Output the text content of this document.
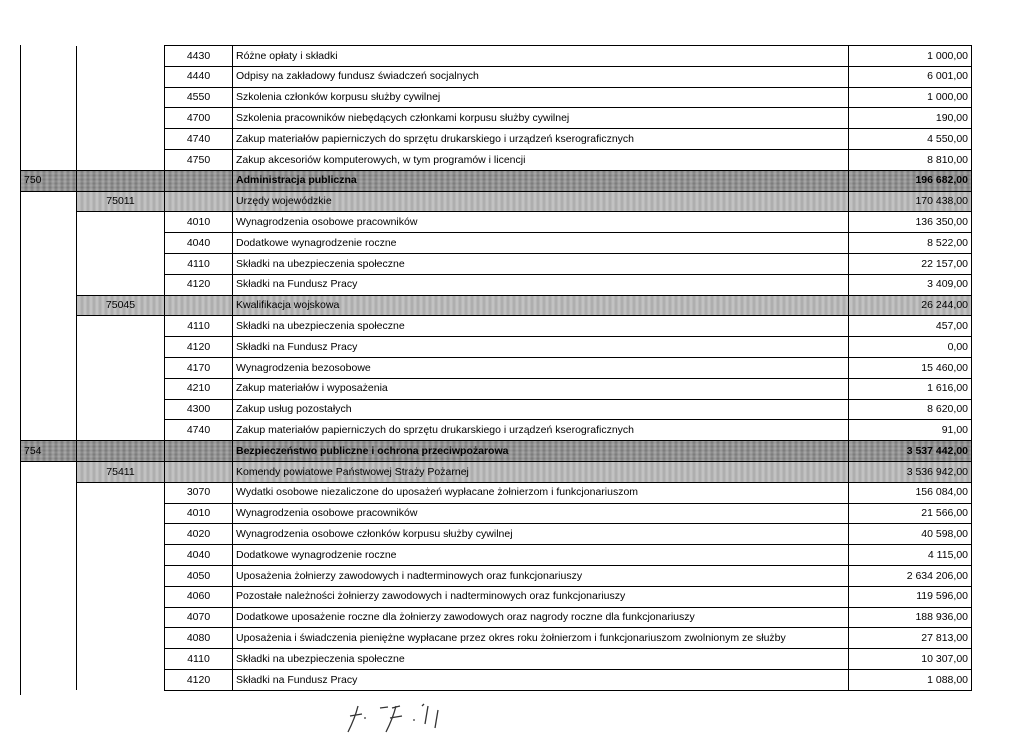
		4430	Różne opłaty i składki	1 000,00
		4440	Odpisy na zakładowy fundusz świadczeń socjalnych	6 001,00
		4550	Szkolenia członków korpusu służby cywilnej	1 000,00
		4700	Szkolenia pracowników niebędących członkami korpusu służby cywilnej	190,00
		4740	Zakup materiałów papierniczych do sprzętu drukarskiego i urządzeń kserograficznych	4 550,00
		4750	Zakup akcesoriów komputerowych, w tym programów i licencji	8 810,00
750			Administracja publiczna	196 682,00
	75011		Urzędy wojewódzkie	170 438,00
		4010	Wynagrodzenia osobowe pracowników	136 350,00
		4040	Dodatkowe wynagrodzenie roczne	8 522,00
		4110	Składki na ubezpieczenia społeczne	22 157,00
		4120	Składki na Fundusz Pracy	3 409,00
	75045		Kwalifikacja wojskowa	26 244,00
		4110	Składki na ubezpieczenia społeczne	457,00
		4120	Składki na Fundusz Pracy	0,00
		4170	Wynagrodzenia bezosobowe	15 460,00
		4210	Zakup materiałów i wyposażenia	1 616,00
		4300	Zakup usług pozostałych	8 620,00
		4740	Zakup materiałów papierniczych do sprzętu drukarskiego i urządzeń kserograficznych	91,00
754			Bezpieczeństwo publiczne i ochrona przeciwpożarowa	3 537 442,00
	75411		Komendy powiatowe Państwowej Straży Pożarnej	3 536 942,00
		3070	Wydatki osobowe niezaliczone do uposażeń wypłacane żołnierzom i funkcjonariuszom	156 084,00
		4010	Wynagrodzenia osobowe pracowników	21 566,00
		4020	Wynagrodzenia osobowe członków korpusu służby cywilnej	40 598,00
		4040	Dodatkowe wynagrodzenie roczne	4 115,00
		4050	Uposażenia żołnierzy zawodowych i nadterminowych oraz funkcjonariuszy	2 634 206,00
		4060	Pozostałe należności żołnierzy zawodowych i nadterminowych oraz funkcjonariuszy	119 596,00
		4070	Dodatkowe uposażenie roczne dla żołnierzy zawodowych oraz nagrody roczne dla funkcjonariuszy	188 936,00
		4080	Uposażenia i świadczenia pieniężne wypłacane przez okres roku żołnierzom i funkcjonariuszom zwolnionym ze służby	27 813,00
		4110	Składki na ubezpieczenia społeczne	10 307,00
		4120	Składki na Fundusz Pracy	1 088,00
